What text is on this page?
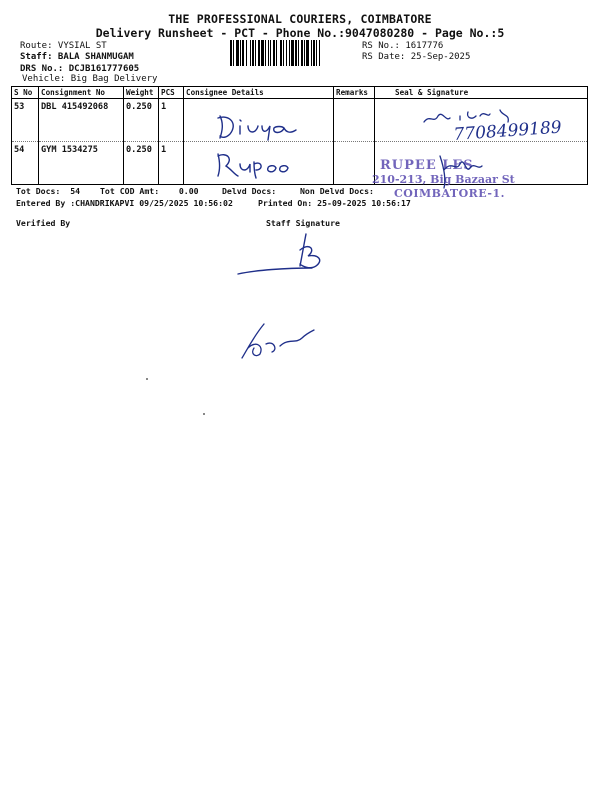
THE PROFESSIONAL COURIERS, COIMBATORE
Delivery Runsheet - PCT - Phone No.:9047080280 - Page No.:5
Route: VYSIAL ST
Staff: BALA SHANMUGAM
DRS No.: DCJB161777605
Vehicle: Big Bag Delivery
RS No.: 1617776
RS Date: 25-Sep-2025
S No	Consignment No	Weight	PCS	Consignee Details	Remarks	Seal & Signature
53	DBL 415492068	0.250	1			
54	GYM 1534275	0.250	1			
7708499189
RUPEE LES
210-213, Big Bazaar St
COIMBATORE-1.
Tot Docs: 54 Tot COD Amt: 0.00	Delvd Docs:	Non Delvd Docs:
Entered By :CHANDRIKAPVI 09/25/2025 10:56:02	Printed On: 25-09-2025 10:56:17
Verified By	Staff Signature
